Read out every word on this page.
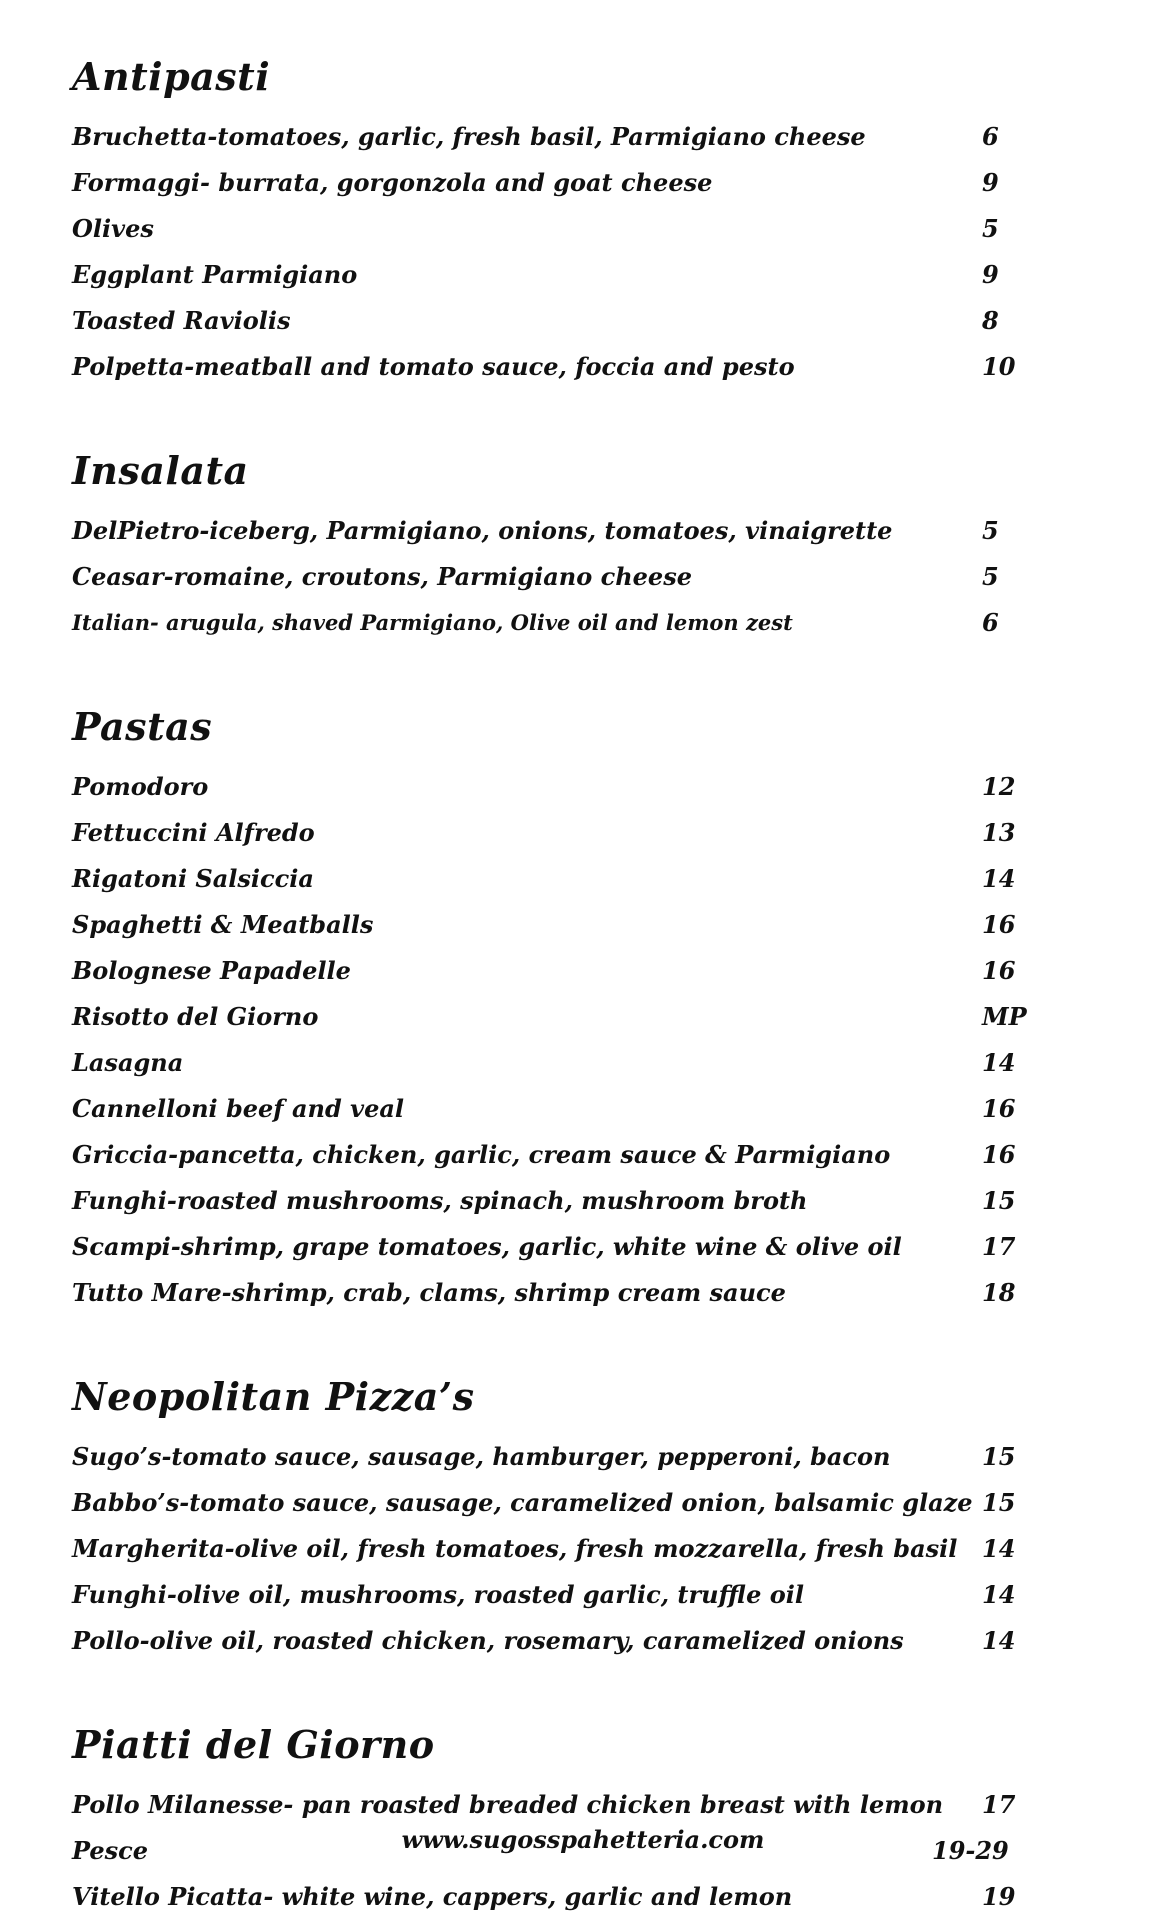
Antipasti
Bruchetta-tomatoes, garlic, fresh basil, Parmigiano cheese	6
Formaggi- burrata, gorgonzola and goat cheese	9
Olives	5
Eggplant Parmigiano	9
Toasted Raviolis	8
Polpetta-meatball and tomato sauce, foccia and pesto	10
Insalata
DelPietro-iceberg, Parmigiano, onions, tomatoes, vinaigrette	5
Ceasar-romaine, croutons, Parmigiano cheese	5
Italian- arugula, shaved Parmigiano, Olive oil and lemon zest	6
Pastas
Pomodoro	12
Fettuccini Alfredo	13
Rigatoni Salsiccia	14
Spaghetti & Meatballs	16
Bolognese Papadelle	16
Risotto del Giorno	MP
Lasagna	14
Cannelloni beef and veal	16
Griccia-pancetta, chicken, garlic, cream sauce & Parmigiano	16
Funghi-roasted mushrooms, spinach, mushroom broth	15
Scampi-shrimp, grape tomatoes, garlic, white wine & olive oil	17
Tutto Mare-shrimp, crab, clams, shrimp cream sauce	18
Neopolitan Pizza’s
Sugo’s-tomato sauce, sausage, hamburger, pepperoni, bacon	15
Babbo’s-tomato sauce, sausage, caramelized onion, balsamic glaze 15
Margherita-olive oil, fresh tomatoes, fresh mozzarella, fresh basil 14
Funghi-olive oil, mushrooms, roasted garlic, truffle oil	14
Pollo-olive oil, roasted chicken, rosemary, caramelized onions	14
Piatti del Giorno
Pollo Milanesse- pan roasted breaded chicken breast with lemon 17
Pesce	19-29
Vitello Picatta- white wine, cappers, garlic and lemon	19
www.sugosspahetteria.com
